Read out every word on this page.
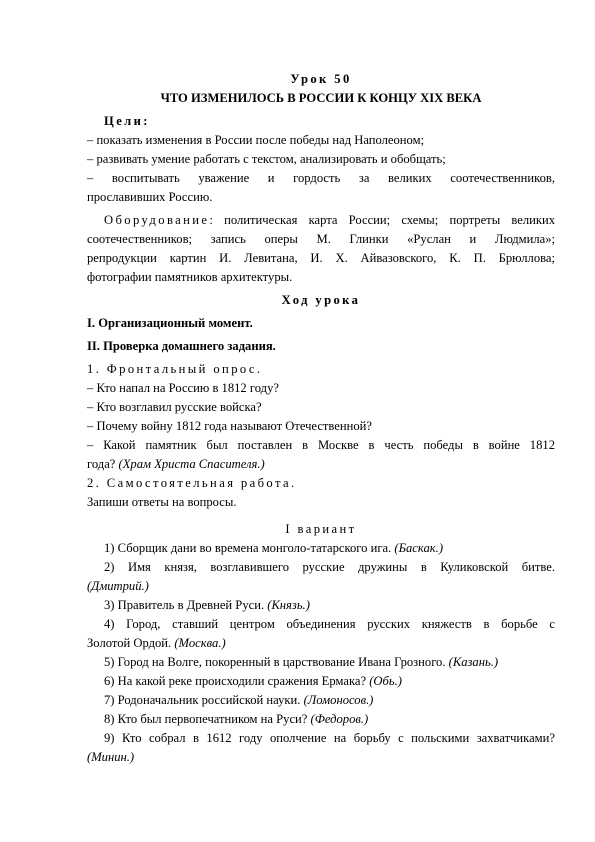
Урок 50
ЧТО ИЗМЕНИЛОСЬ В РОССИИ К КОНЦУ XIX ВЕКА
Цели:
– показать изменения в России после победы над Наполеоном;
– развивать умение работать с текстом, анализировать и обобщать;
– воспитывать уважение и гордость за великих соотечественников,
прославивших Россию.
Оборудование: политическая карта России; схемы; портреты великих
соотечественников; запись оперы М. Глинки «Руслан и Людмила»;
репродукции картин И. Левитана, И. Х. Айвазовского, К. П. Брюллова;
фотографии памятников архитектуры.
Ход урока
I. Организационный момент.
II. Проверка домашнего задания.
1. Фронтальный опрос.
– Кто напал на Россию в 1812 году?
– Кто возглавил русские войска?
– Почему войну 1812 года называют Отечественной?
– Какой памятник был поставлен в Москве в честь победы в войне 1812
года? (Храм Христа Спасителя.)
2. Самостоятельная работа.
Запиши ответы на вопросы.
I вариант
1) Сборщик дани во времена монголо-татарского ига. (Баскак.)
2) Имя князя, возглавившего русские дружины в Куликовской битве.
(Дмитрий.)
3) Правитель в Древней Руси. (Князь.)
4) Город, ставший центром объединения русских княжеств в борьбе с
Золотой Ордой. (Москва.)
5) Город на Волге, покоренный в царствование Ивана Грозного. (Казань.)
6) На какой реке происходили сражения Ермака? (Обь.)
7) Родоначальник российской науки. (Ломоносов.)
8) Кто был первопечатником на Руси? (Федоров.)
9) Кто собрал в 1612 году ополчение на борьбу с польскими захватчиками?
(Минин.)
